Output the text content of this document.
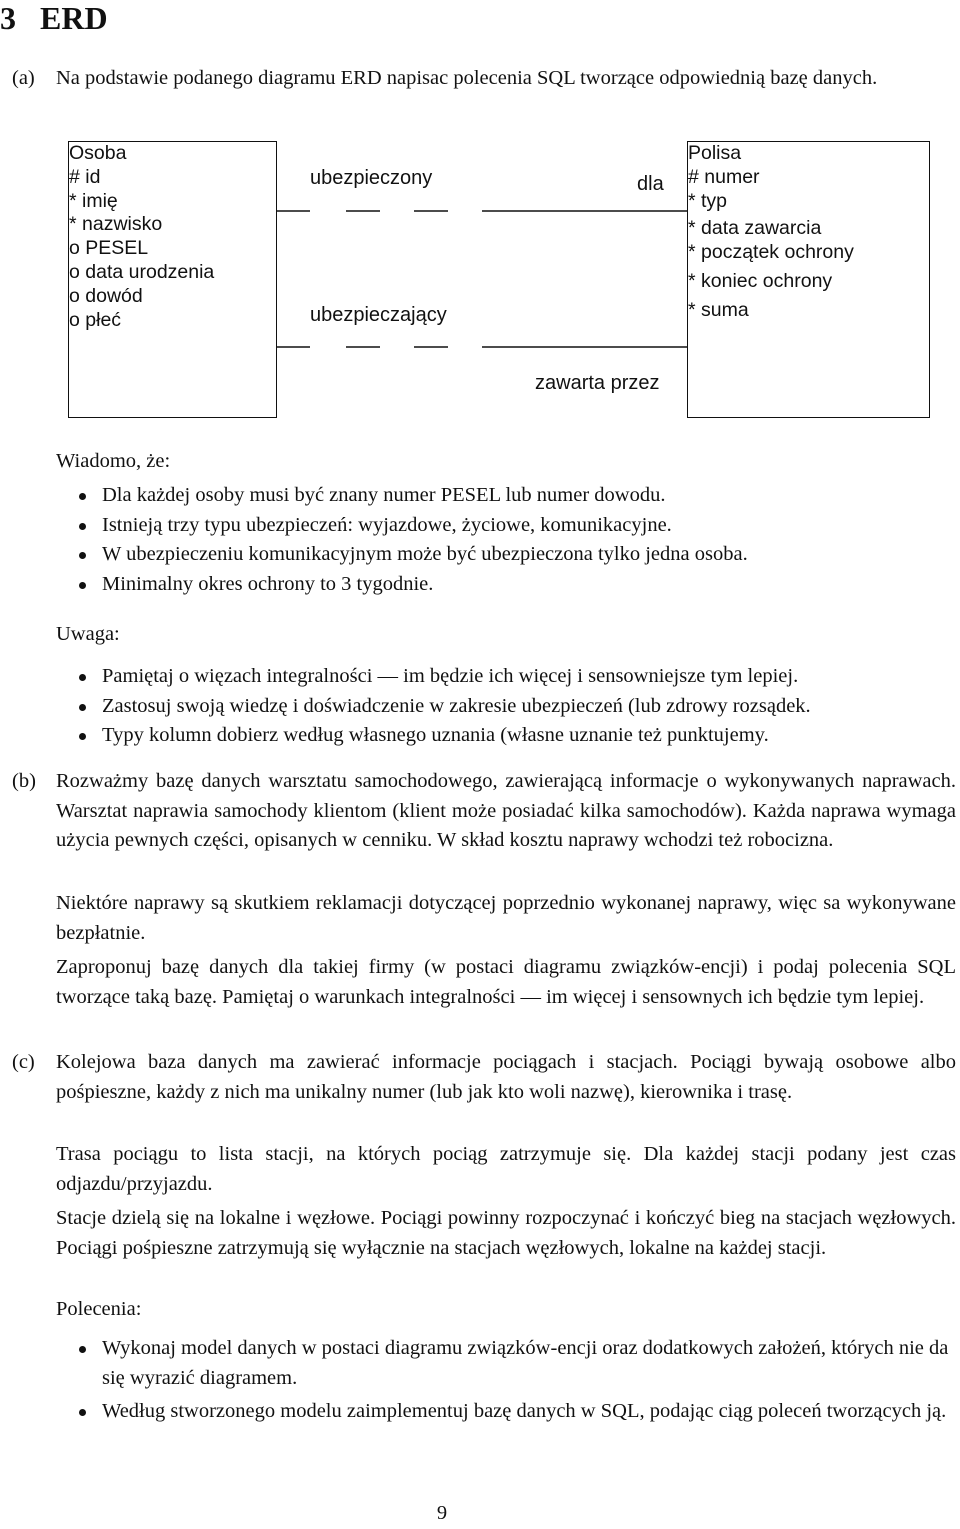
3 ERD
(a) Na podstawie podanego diagramu ERD napisac polecenia SQL tworzące odpowiednią bazę danych.
Osoba
# id
* imię
* nazwisko
o PESEL
o data urodzenia
o dowód
o płeć
Polisa
# numer
* typ
* data zawarcia
* początek ochrony
* koniec ochrony
* suma
ubezpieczony	dla
ubezpieczający
zawarta przez
Wiadomo, że:
Dla każdej osoby musi być znany numer PESEL lub numer dowodu.
Istnieją trzy typu ubezpieczeń: wyjazdowe, życiowe, komunikacyjne.
W ubezpieczeniu komunikacyjnym może być ubezpieczona tylko jedna osoba.
Minimalny okres ochrony to 3 tygodnie.
Uwaga:
Pamiętaj o więzach integralności — im będzie ich więcej i sensowniejsze tym lepiej.
Zastosuj swoją wiedzę i doświadczenie w zakresie ubezpieczeń (lub zdrowy rozsądek.
Typy kolumn dobierz według własnego uznania (własne uznanie też punktujemy.
(b) Rozważmy bazę danych warsztatu samochodowego, zawierającą informacje o wykonywanych naprawach. Warsztat naprawia samochody klientom (klient może posiadać kilka samochodów). Każda naprawa wymaga użycia pewnych części, opisanych w cenniku. W skład kosztu naprawy wchodzi też robocizna.
Niektóre naprawy są skutkiem reklamacji dotyczącej poprzednio wykonanej naprawy, więc sa wykonywane bezpłatnie.
Zaproponuj bazę danych dla takiej firmy (w postaci diagramu związków-encji) i podaj polecenia SQL tworzące taką bazę. Pamiętaj o warunkach integralności — im więcej i sensownych ich będzie tym lepiej.
(c) Kolejowa baza danych ma zawierać informacje pociągach i stacjach. Pociągi bywają osobowe albo pośpieszne, każdy z nich ma unikalny numer (lub jak kto woli nazwę), kierownika i trasę.
Trasa pociągu to lista stacji, na których pociąg zatrzymuje się. Dla każdej stacji podany jest czas odjazdu/przyjazdu.
Stacje dzielą się na lokalne i węzłowe. Pociągi powinny rozpoczynać i kończyć bieg na stacjach węzłowych. Pociągi pośpieszne zatrzymują się wyłącznie na stacjach węzłowych, lokalne na każdej stacji.
Polecenia:
Wykonaj model danych w postaci diagramu związków-encji oraz dodatkowych założeń, których nie da się wyrazić diagramem.
Według stworzonego modelu zaimplementuj bazę danych w SQL, podając ciąg poleceń tworzących ją.
9
